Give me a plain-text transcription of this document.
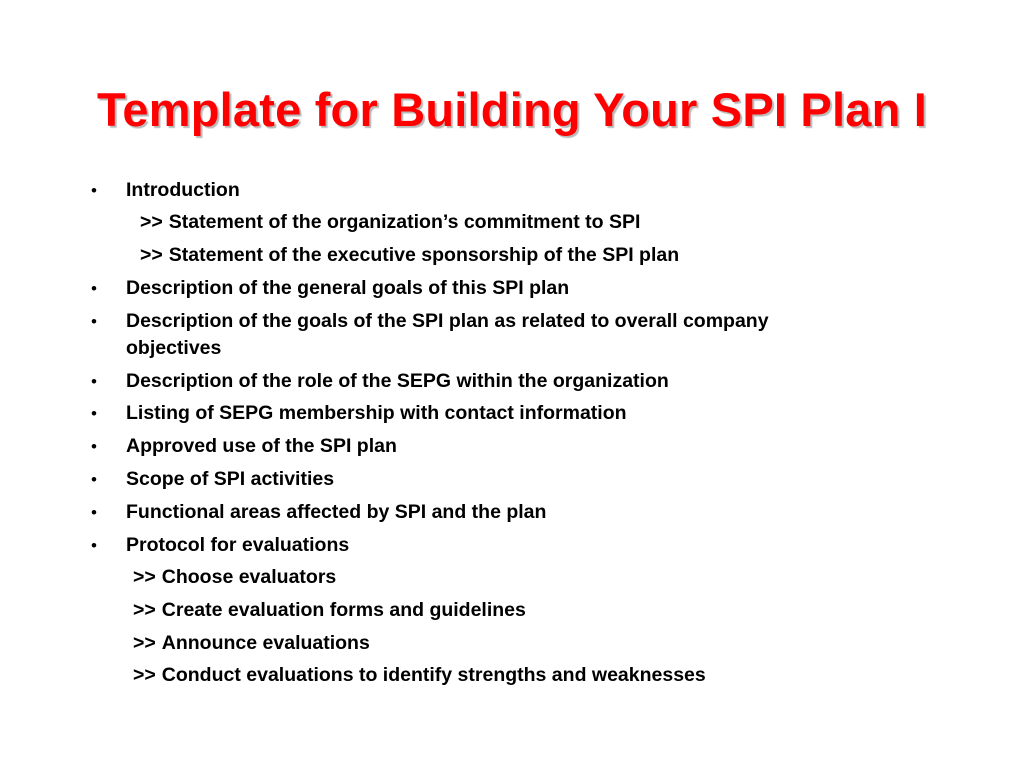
Template for Building Your SPI Plan I
• Introduction
>> Statement of the organization’s commitment to SPI
>> Statement of the executive sponsorship of the SPI plan
• Description of the general goals of this SPI plan
• Description of the goals of the SPI plan as related to overall company
objectives
• Description of the role of the SEPG within the organization
• Listing of SEPG membership with contact information
• Approved use of the SPI plan
• Scope of SPI activities
• Functional areas affected by SPI and the plan
• Protocol for evaluations
>> Choose evaluators
>> Create evaluation forms and guidelines
>> Announce evaluations
>> Conduct evaluations to identify strengths and weaknesses
